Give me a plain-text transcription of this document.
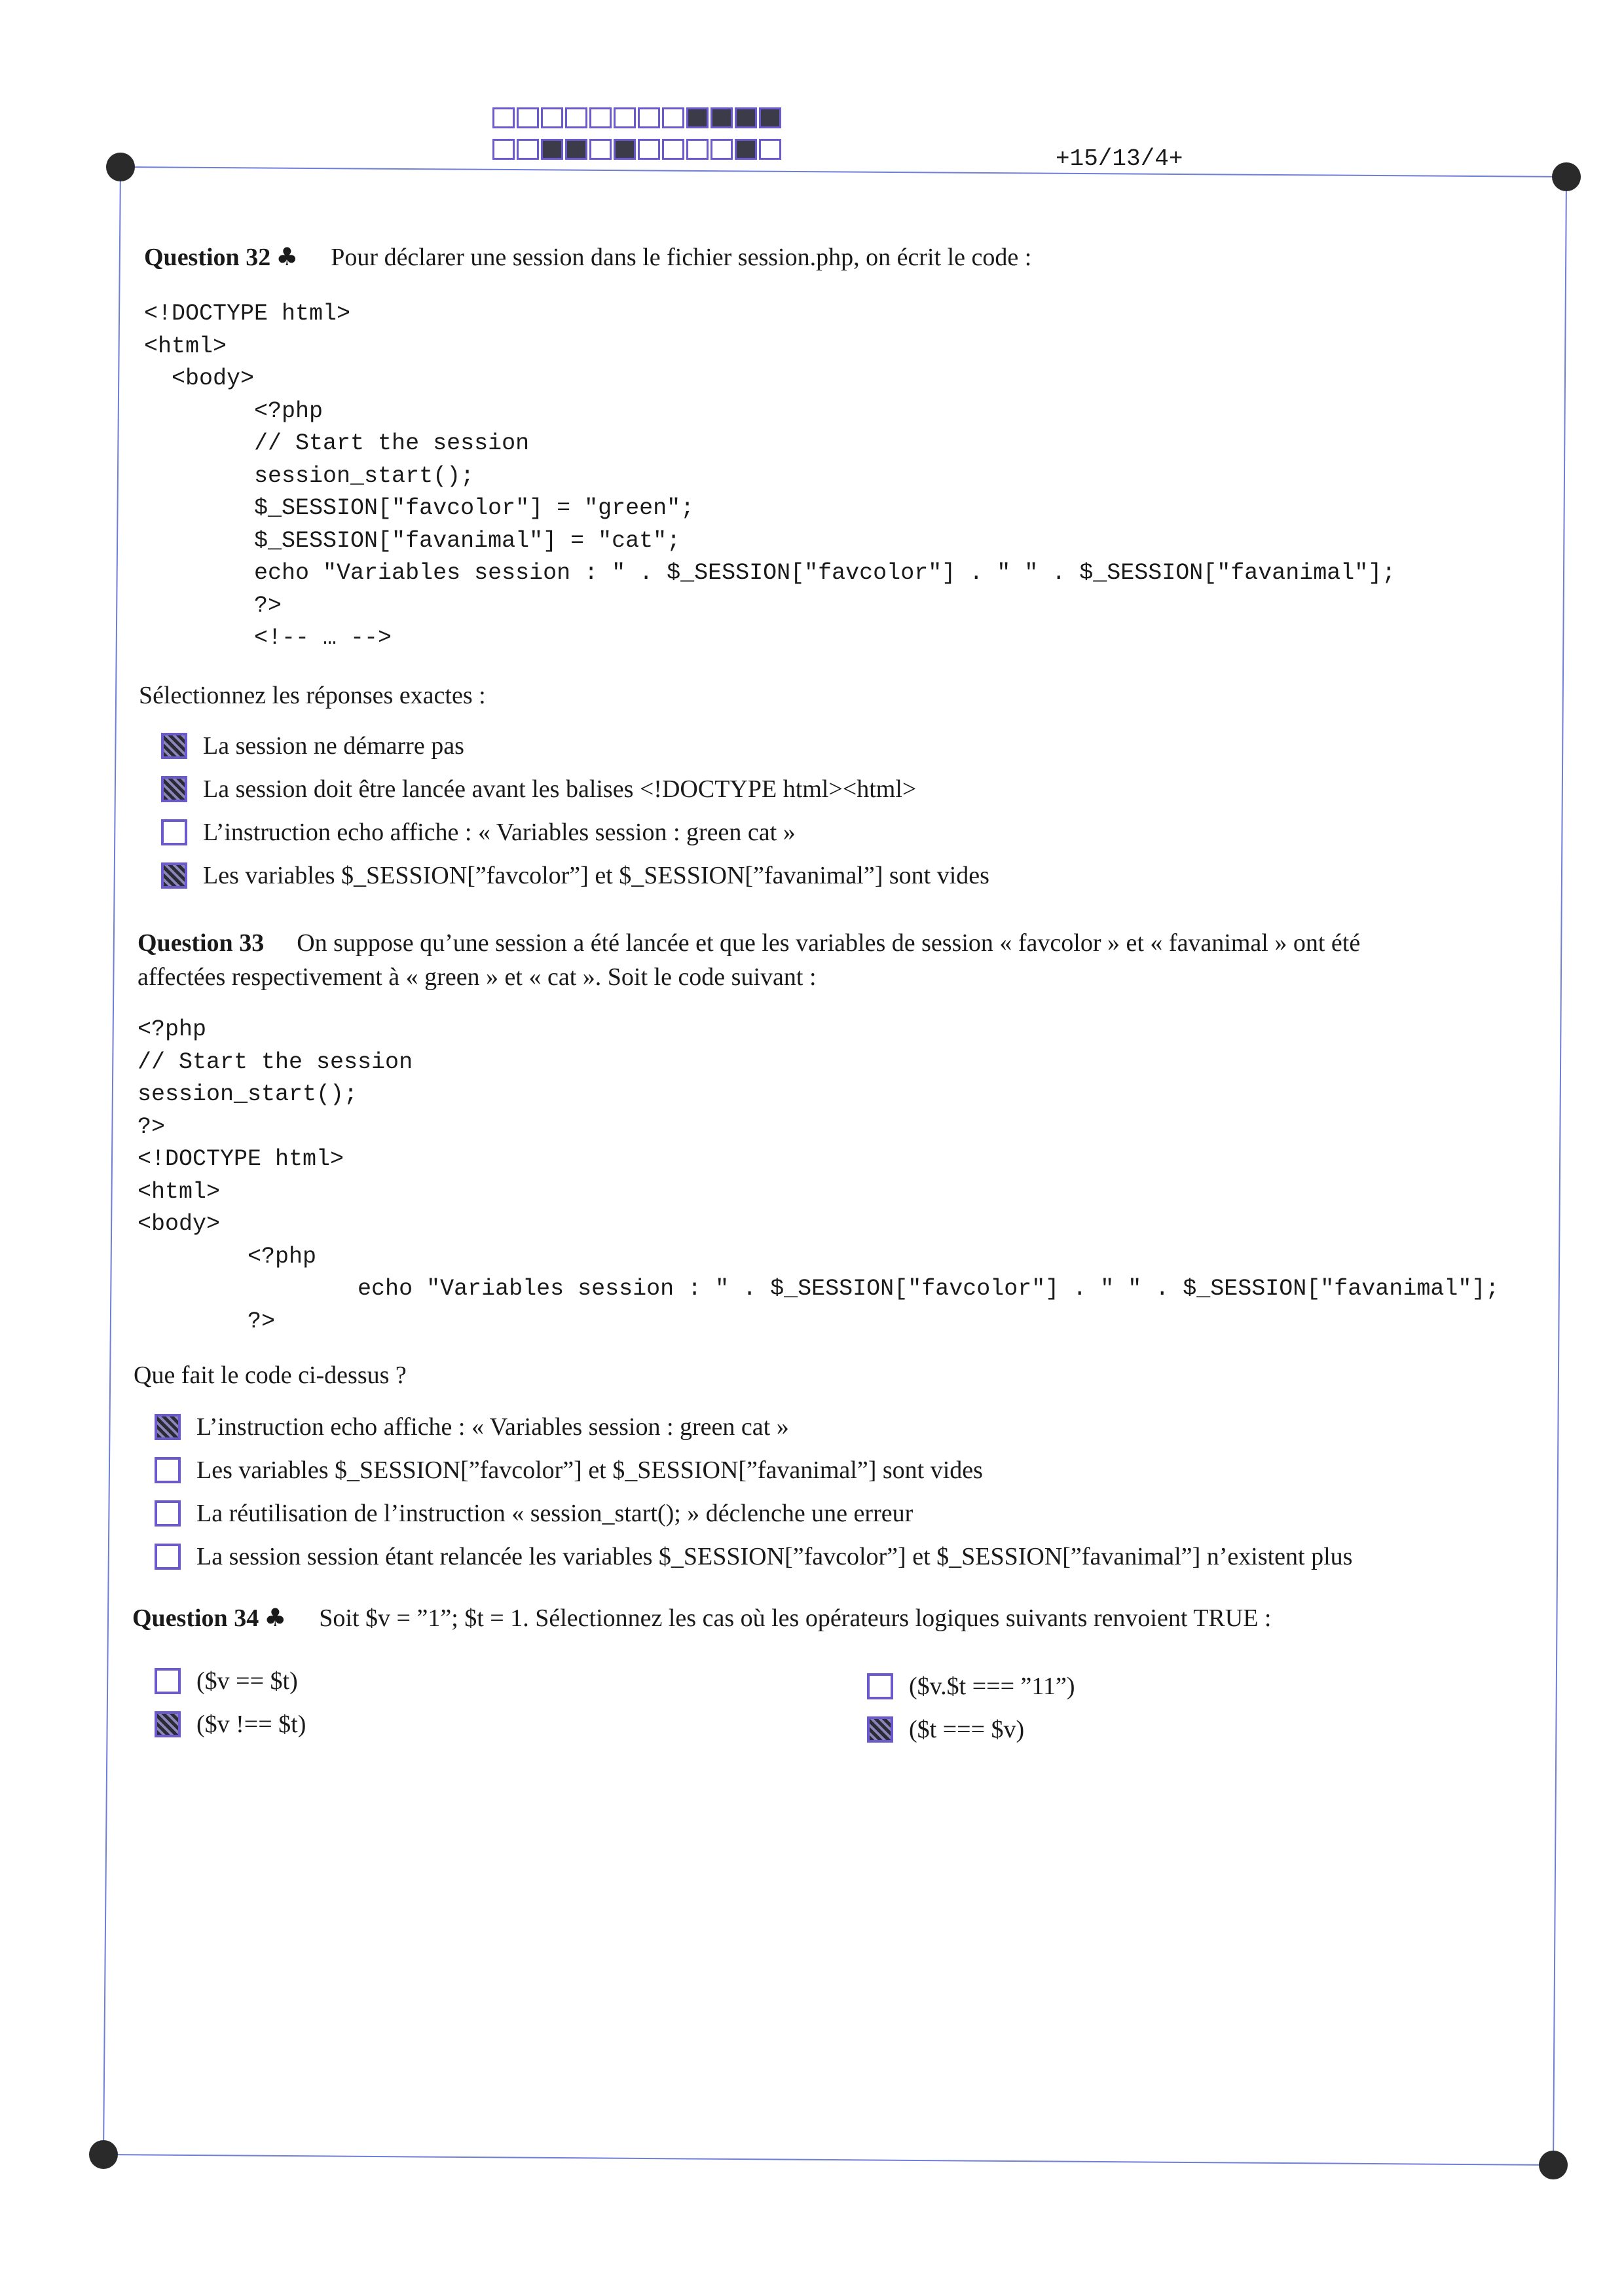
+15/13/4+
Question 32 ♣ Pour déclarer une session dans le fichier session.php, on écrit le code :
<!DOCTYPE html>
<html>
<body>
<?php
// Start the session
session_start();
$_SESSION["favcolor"] = "green";
$_SESSION["favanimal"] = "cat";
echo "Variables session : " . $_SESSION["favcolor"] . " " . $_SESSION["favanimal"];
?>
<!-- … -->
Sélectionnez les réponses exactes :
La session ne démarre pas
La session doit être lancée avant les balises <!DOCTYPE html><html>
L’instruction echo affiche : « Variables session : green cat »
Les variables $_SESSION[”favcolor”] et $_SESSION[”favanimal”] sont vides
Question 33 On suppose qu’une session a été lancée et que les variables de session « favcolor » et « favanimal » ont été
affectées respectivement à « green » et « cat ». Soit le code suivant :
<?php
// Start the session
session_start();
?>
<!DOCTYPE html>
<html>
<body>
<?php
echo "Variables session : " . $_SESSION["favcolor"] . " " . $_SESSION["favanimal"];
?>
Que fait le code ci-dessus ?
L’instruction echo affiche : « Variables session : green cat »
Les variables $_SESSION[”favcolor”] et $_SESSION[”favanimal”] sont vides
La réutilisation de l’instruction « session_start(); » déclenche une erreur
La session session étant relancée les variables $_SESSION[”favcolor”] et $_SESSION[”favanimal”] n’existent plus
Question 34 ♣ Soit $v = ”1”; $t = 1. Sélectionnez les cas où les opérateurs logiques suivants renvoient TRUE :
($v == $t)
($v !== $t)
($v.$t === ”11”)
($t === $v)
